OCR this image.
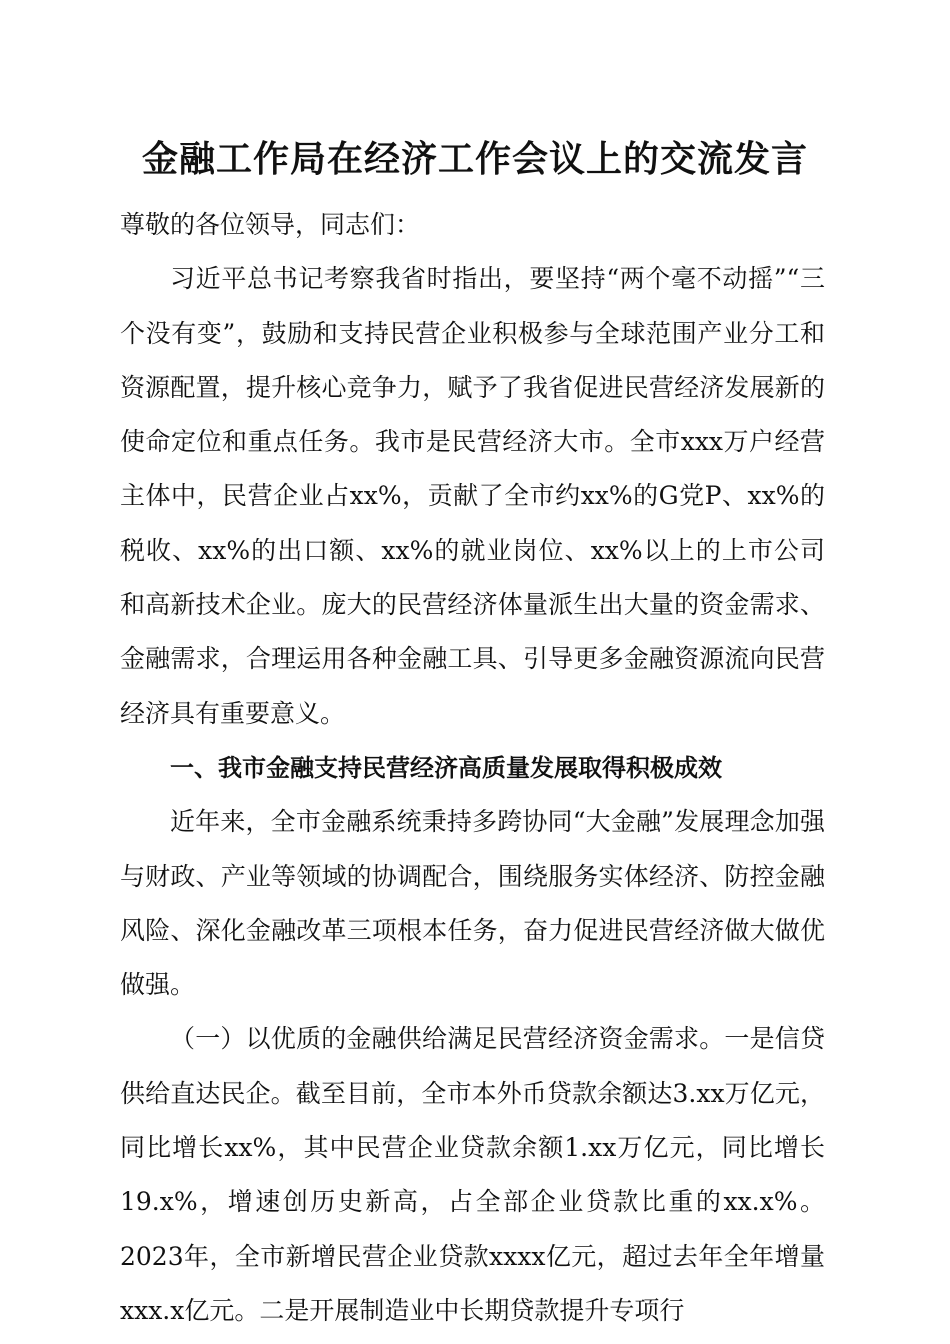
金融工作局在经济工作会议上的交流发言

尊敬的各位领导，同志们：

习近平总书记考察我省时指出，要坚持“两个毫不动摇”“三个没有变”，鼓励和支持民营企业积极参与全球范围产业分工和资源配置，提升核心竞争力，赋予了我省促进民营经济发展新的使命定位和重点任务。我市是民营经济大市。全市xxx万户经营主体中，民营企业占xx%，贡献了全市约xx%的G党P、xx%的税收、xx%的出口额、xx%的就业岗位、xx%以上的上市公司和高新技术企业。庞大的民营经济体量派生出大量的资金需求、金融需求，合理运用各种金融工具、引导更多金融资源流向民营经济具有重要意义。

一、我市金融支持民营经济高质量发展取得积极成效

近年来，全市金融系统秉持多跨协同“大金融”发展理念加强与财政、产业等领域的协调配合，围绕服务实体经济、防控金融风险、深化金融改革三项根本任务，奋力促进民营经济做大做优做强。

（一）以优质的金融供给满足民营经济资金需求。一是信贷供给直达民企。截至目前，全市本外币贷款余额达3.xx万亿元，同比增长xx%，其中民营企业贷款余额1.xx万亿元，同比增长19.x%，增速创历史新高，占全部企业贷款比重的xx.x%。2023年，全市新增民营企业贷款xxxx亿元，超过去年全年增量xxx.x亿元。二是开展制造业中长期贷款提升专项行
